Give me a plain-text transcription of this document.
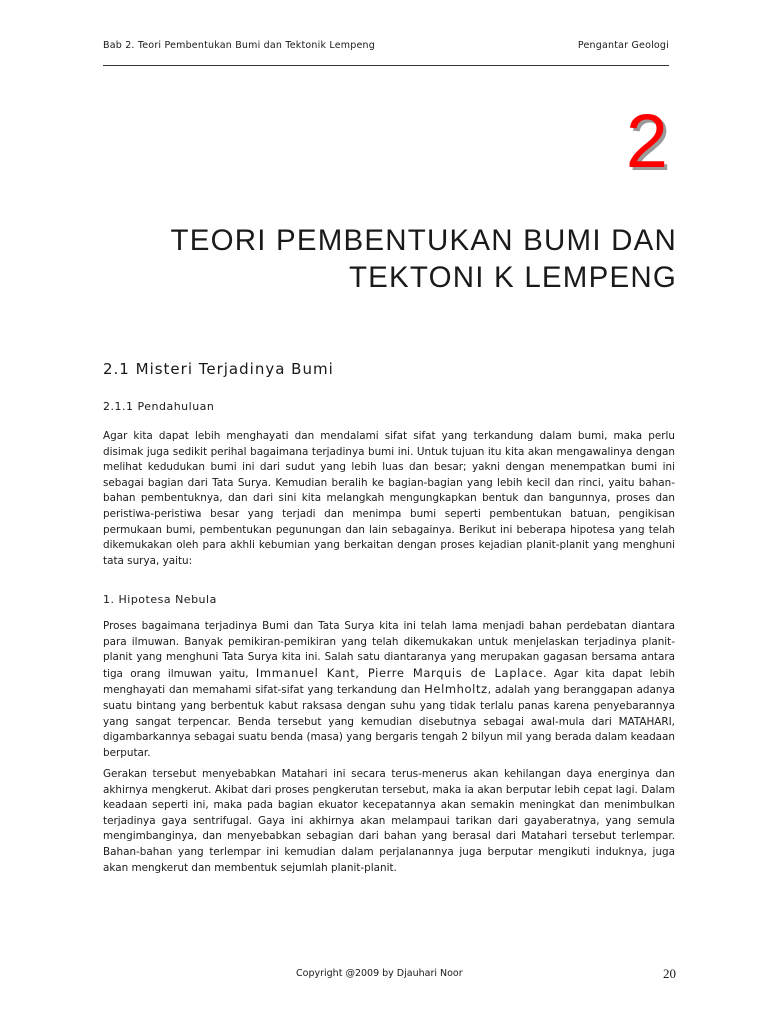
Bab 2. Teori Pembentukan Bumi dan Tektonik Lempeng	Pengantar Geologi
2
TEORI PEMBENTUKAN BUMI DAN
TEKTONI K LEMPENG
2.1 Misteri Terjadinya Bumi
2.1.1 Pendahuluan

Agar kita dapat lebih menghayati dan mendalami sifat sifat yang terkandung dalam bumi, maka perlu disimak juga sedikit perihal bagaimana terjadinya bumi ini. Untuk tujuan itu kita akan mengawalinya dengan melihat kedudukan bumi ini dari sudut yang lebih luas dan besar; yakni dengan menempatkan bumi ini sebagai bagian dari Tata Surya. Kemudian beralih ke bagian-bagian yang lebih kecil dan rinci, yaitu bahan-bahan pembentuknya, dan dari sini kita melangkah mengungkapkan bentuk dan bangunnya, proses dan peristiwa-peristiwa besar yang terjadi dan menimpa bumi seperti pembentukan batuan, pengikisan permukaan bumi, pembentukan pegunungan dan lain sebagainya. Berikut ini beberapa hipotesa yang telah dikemukakan oleh para akhli kebumian yang berkaitan dengan proses kejadian planit-planit yang menghuni tata surya, yaitu:

1. Hipotesa Nebula

Proses bagaimana terjadinya Bumi dan Tata Surya kita ini telah lama menjadi bahan perdebatan diantara para ilmuwan. Banyak pemikiran-pemikiran yang telah dikemukakan untuk menjelaskan terjadinya planit-planit yang menghuni Tata Surya kita ini. Salah satu diantaranya yang merupakan gagasan bersama antara tiga orang ilmuwan yaitu, Immanuel Kant, Pierre Marquis de Laplace. Agar kita dapat lebih menghayati dan memahami sifat-sifat yang terkandung dan Helmholtz, adalah yang beranggapan adanya suatu bintang yang berbentuk kabut raksasa dengan suhu yang tidak terlalu panas karena penyebarannya yang sangat terpencar. Benda tersebut yang kemudian disebutnya sebagai awal-mula dari MATAHARI, digambarkannya sebagai suatu benda (masa) yang bergaris tengah 2 bilyun mil yang berada dalam keadaan berputar.

Gerakan tersebut menyebabkan Matahari ini secara terus-menerus akan kehilangan daya energinya dan akhirnya mengkerut. Akibat dari proses pengkerutan tersebut, maka ia akan berputar lebih cepat lagi. Dalam keadaan seperti ini, maka pada bagian ekuator kecepatannya akan semakin meningkat dan menimbulkan terjadinya gaya sentrifugal. Gaya ini akhirnya akan melampaui tarikan dari gayaberatnya, yang semula mengimbanginya, dan menyebabkan sebagian dari bahan yang berasal dari Matahari tersebut terlempar. Bahan-bahan yang terlempar ini kemudian dalam perjalanannya juga berputar mengikuti induknya, juga akan mengkerut dan membentuk sejumlah planit-planit.

Copyright @2009 by Djauhari Noor	20
